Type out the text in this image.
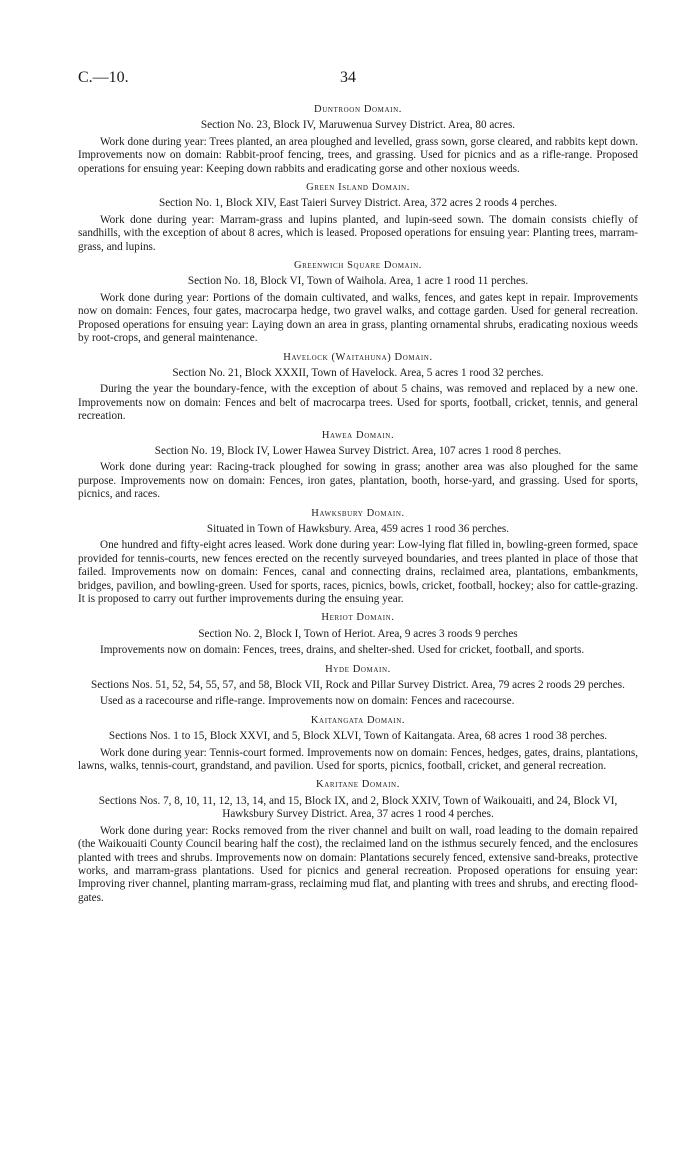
C.—10.	34
Duntroon Domain.
Section No. 23, Block IV, Maruwenua Survey District. Area, 80 acres.
Work done during year: Trees planted, an area ploughed and levelled, grass sown, gorse cleared, and rabbits kept down. Improvements now on domain: Rabbit-proof fencing, trees, and grassing. Used for picnics and as a rifle-range. Proposed operations for ensuing year: Keeping down rabbits and eradicating gorse and other noxious weeds.
Green Island Domain.
Section No. 1, Block XIV, East Taieri Survey District. Area, 372 acres 2 roods 4 perches.
Work done during year: Marram-grass and lupins planted, and lupin-seed sown. The domain consists chiefly of sandhills, with the exception of about 8 acres, which is leased. Proposed operations for ensuing year: Planting trees, marram-grass, and lupins.
Greenwich Square Domain.
Section No. 18, Block VI, Town of Waihola. Area, 1 acre 1 rood 11 perches.
Work done during year: Portions of the domain cultivated, and walks, fences, and gates kept in repair. Improvements now on domain: Fences, four gates, macrocarpa hedge, two gravel walks, and cottage garden. Used for general recreation. Proposed operations for ensuing year: Laying down an area in grass, planting ornamental shrubs, eradicating noxious weeds by root-crops, and general maintenance.
Havelock (Waitahuna) Domain.
Section No. 21, Block XXXII, Town of Havelock. Area, 5 acres 1 rood 32 perches.
During the year the boundary-fence, with the exception of about 5 chains, was removed and replaced by a new one. Improvements now on domain: Fences and belt of macrocarpa trees. Used for sports, football, cricket, tennis, and general recreation.
Hawea Domain.
Section No. 19, Block IV, Lower Hawea Survey District. Area, 107 acres 1 rood 8 perches.
Work done during year: Racing-track ploughed for sowing in grass; another area was also ploughed for the same purpose. Improvements now on domain: Fences, iron gates, plantation, booth, horse-yard, and grassing. Used for sports, picnics, and races.
Hawksbury Domain.
Situated in Town of Hawksbury. Area, 459 acres 1 rood 36 perches.
One hundred and fifty-eight acres leased. Work done during year: Low-lying flat filled in, bowling-green formed, space provided for tennis-courts, new fences erected on the recently surveyed boundaries, and trees planted in place of those that failed. Improvements now on domain: Fences, canal and connecting drains, reclaimed area, plantations, embankments, bridges, pavilion, and bowling-green. Used for sports, races, picnics, bowls, cricket, football, hockey; also for cattle-grazing. It is proposed to carry out further improvements during the ensuing year.
Heriot Domain.
Section No. 2, Block I, Town of Heriot. Area, 9 acres 3 roods 9 perches
Improvements now on domain: Fences, trees, drains, and shelter-shed. Used for cricket, football, and sports.
Hyde Domain.
Sections Nos. 51, 52, 54, 55, 57, and 58, Block VII, Rock and Pillar Survey District. Area, 79 acres 2 roods 29 perches.
Used as a racecourse and rifle-range. Improvements now on domain: Fences and racecourse.
Kaitangata Domain.
Sections Nos. 1 to 15, Block XXVI, and 5, Block XLVI, Town of Kaitangata. Area, 68 acres 1 rood 38 perches.
Work done during year: Tennis-court formed. Improvements now on domain: Fences, hedges, gates, drains, plantations, lawns, walks, tennis-court, grandstand, and pavilion. Used for sports, picnics, football, cricket, and general recreation.
Karitane Domain.
Sections Nos. 7, 8, 10, 11, 12, 13, 14, and 15, Block IX, and 2, Block XXIV, Town of Waikouaiti, and 24, Block VI, Hawksbury Survey District. Area, 37 acres 1 rood 4 perches.
Work done during year: Rocks removed from the river channel and built on wall, road leading to the domain repaired (the Waikouaiti County Council bearing half the cost), the reclaimed land on the isthmus securely fenced, and the enclosures planted with trees and shrubs. Improvements now on domain: Plantations securely fenced, extensive sand-breaks, protective works, and marram-grass plantations. Used for picnics and general recreation. Proposed operations for ensuing year: Improving river channel, planting marram-grass, reclaiming mud flat, and planting with trees and shrubs, and erecting flood-gates.
